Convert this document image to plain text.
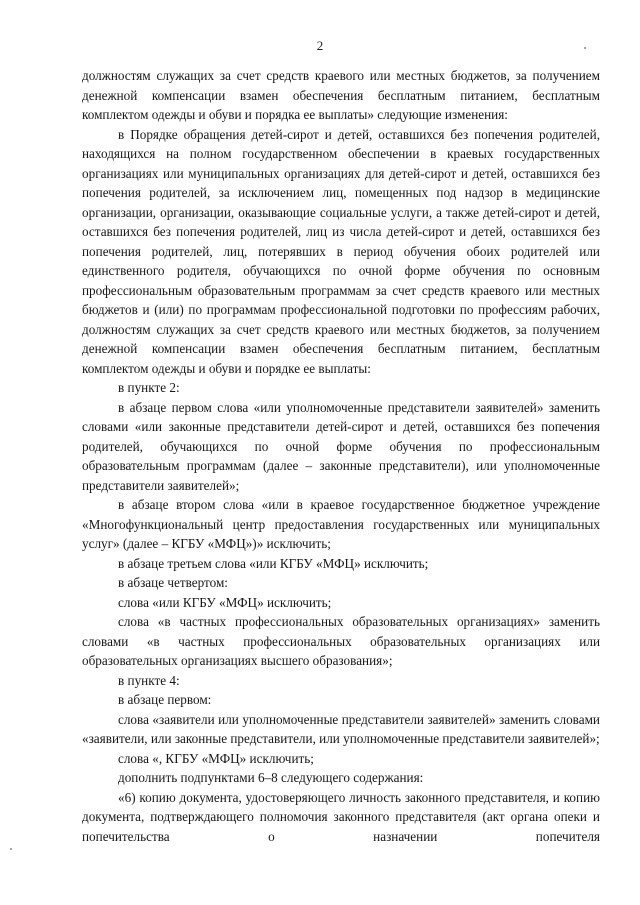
2

должностям служащих за счет средств краевого или местных бюджетов, за получением денежной компенсации взамен обеспечения бесплатным питанием, бесплатным комплектом одежды и обуви и порядка ее выплаты» следующие изменения:

в Порядке обращения детей-сирот и детей, оставшихся без попечения родителей, находящихся на полном государственном обеспечении в краевых государственных организациях или муниципальных организациях для детей-сирот и детей, оставшихся без попечения родителей, за исключением лиц, помещенных под надзор в медицинские организации, организации, оказывающие социальные услуги, а также детей-сирот и детей, оставшихся без попечения родителей, лиц из числа детей-сирот и детей, оставшихся без попечения родителей, лиц, потерявших в период обучения обоих родителей или единственного родителя, обучающихся по очной форме обучения по основным профессиональным образовательным программам за счет средств краевого или местных бюджетов и (или) по программам профессиональной подготовки по профессиям рабочих, должностям служащих за счет средств краевого или местных бюджетов, за получением денежной компенсации взамен обеспечения бесплатным питанием, бесплатным комплектом одежды и обуви и порядке ее выплаты:

в пункте 2:

в абзаце первом слова «или уполномоченные представители заявителей» заменить словами «или законные представители детей-сирот и детей, оставшихся без попечения родителей, обучающихся по очной форме обучения по профессиональным образовательным программам (далее – законные представители), или уполномоченные представители заявителей»;

в абзаце втором слова «или в краевое государственное бюджетное учреждение «Многофункциональный центр предоставления государственных или муниципальных услуг» (далее – КГБУ «МФЦ»)» исключить;

в абзаце третьем слова «или КГБУ «МФЦ» исключить;

в абзаце четвертом:

слова «или КГБУ «МФЦ» исключить;

слова «в частных профессиональных образовательных организациях» заменить словами «в частных профессиональных образовательных организациях или образовательных организациях высшего образования»;

в пункте 4:

в абзаце первом:

слова «заявители или уполномоченные представители заявителей» заменить словами «заявители, или законные представители, или уполномоченные представители заявителей»;

слова «, КГБУ «МФЦ» исключить;

дополнить подпунктами 6–8 следующего содержания:

«6) копию документа, удостоверяющего личность законного представителя, и копию документа, подтверждающего полномочия законного представителя (акт органа опеки и попечительства о назначении попечителя
